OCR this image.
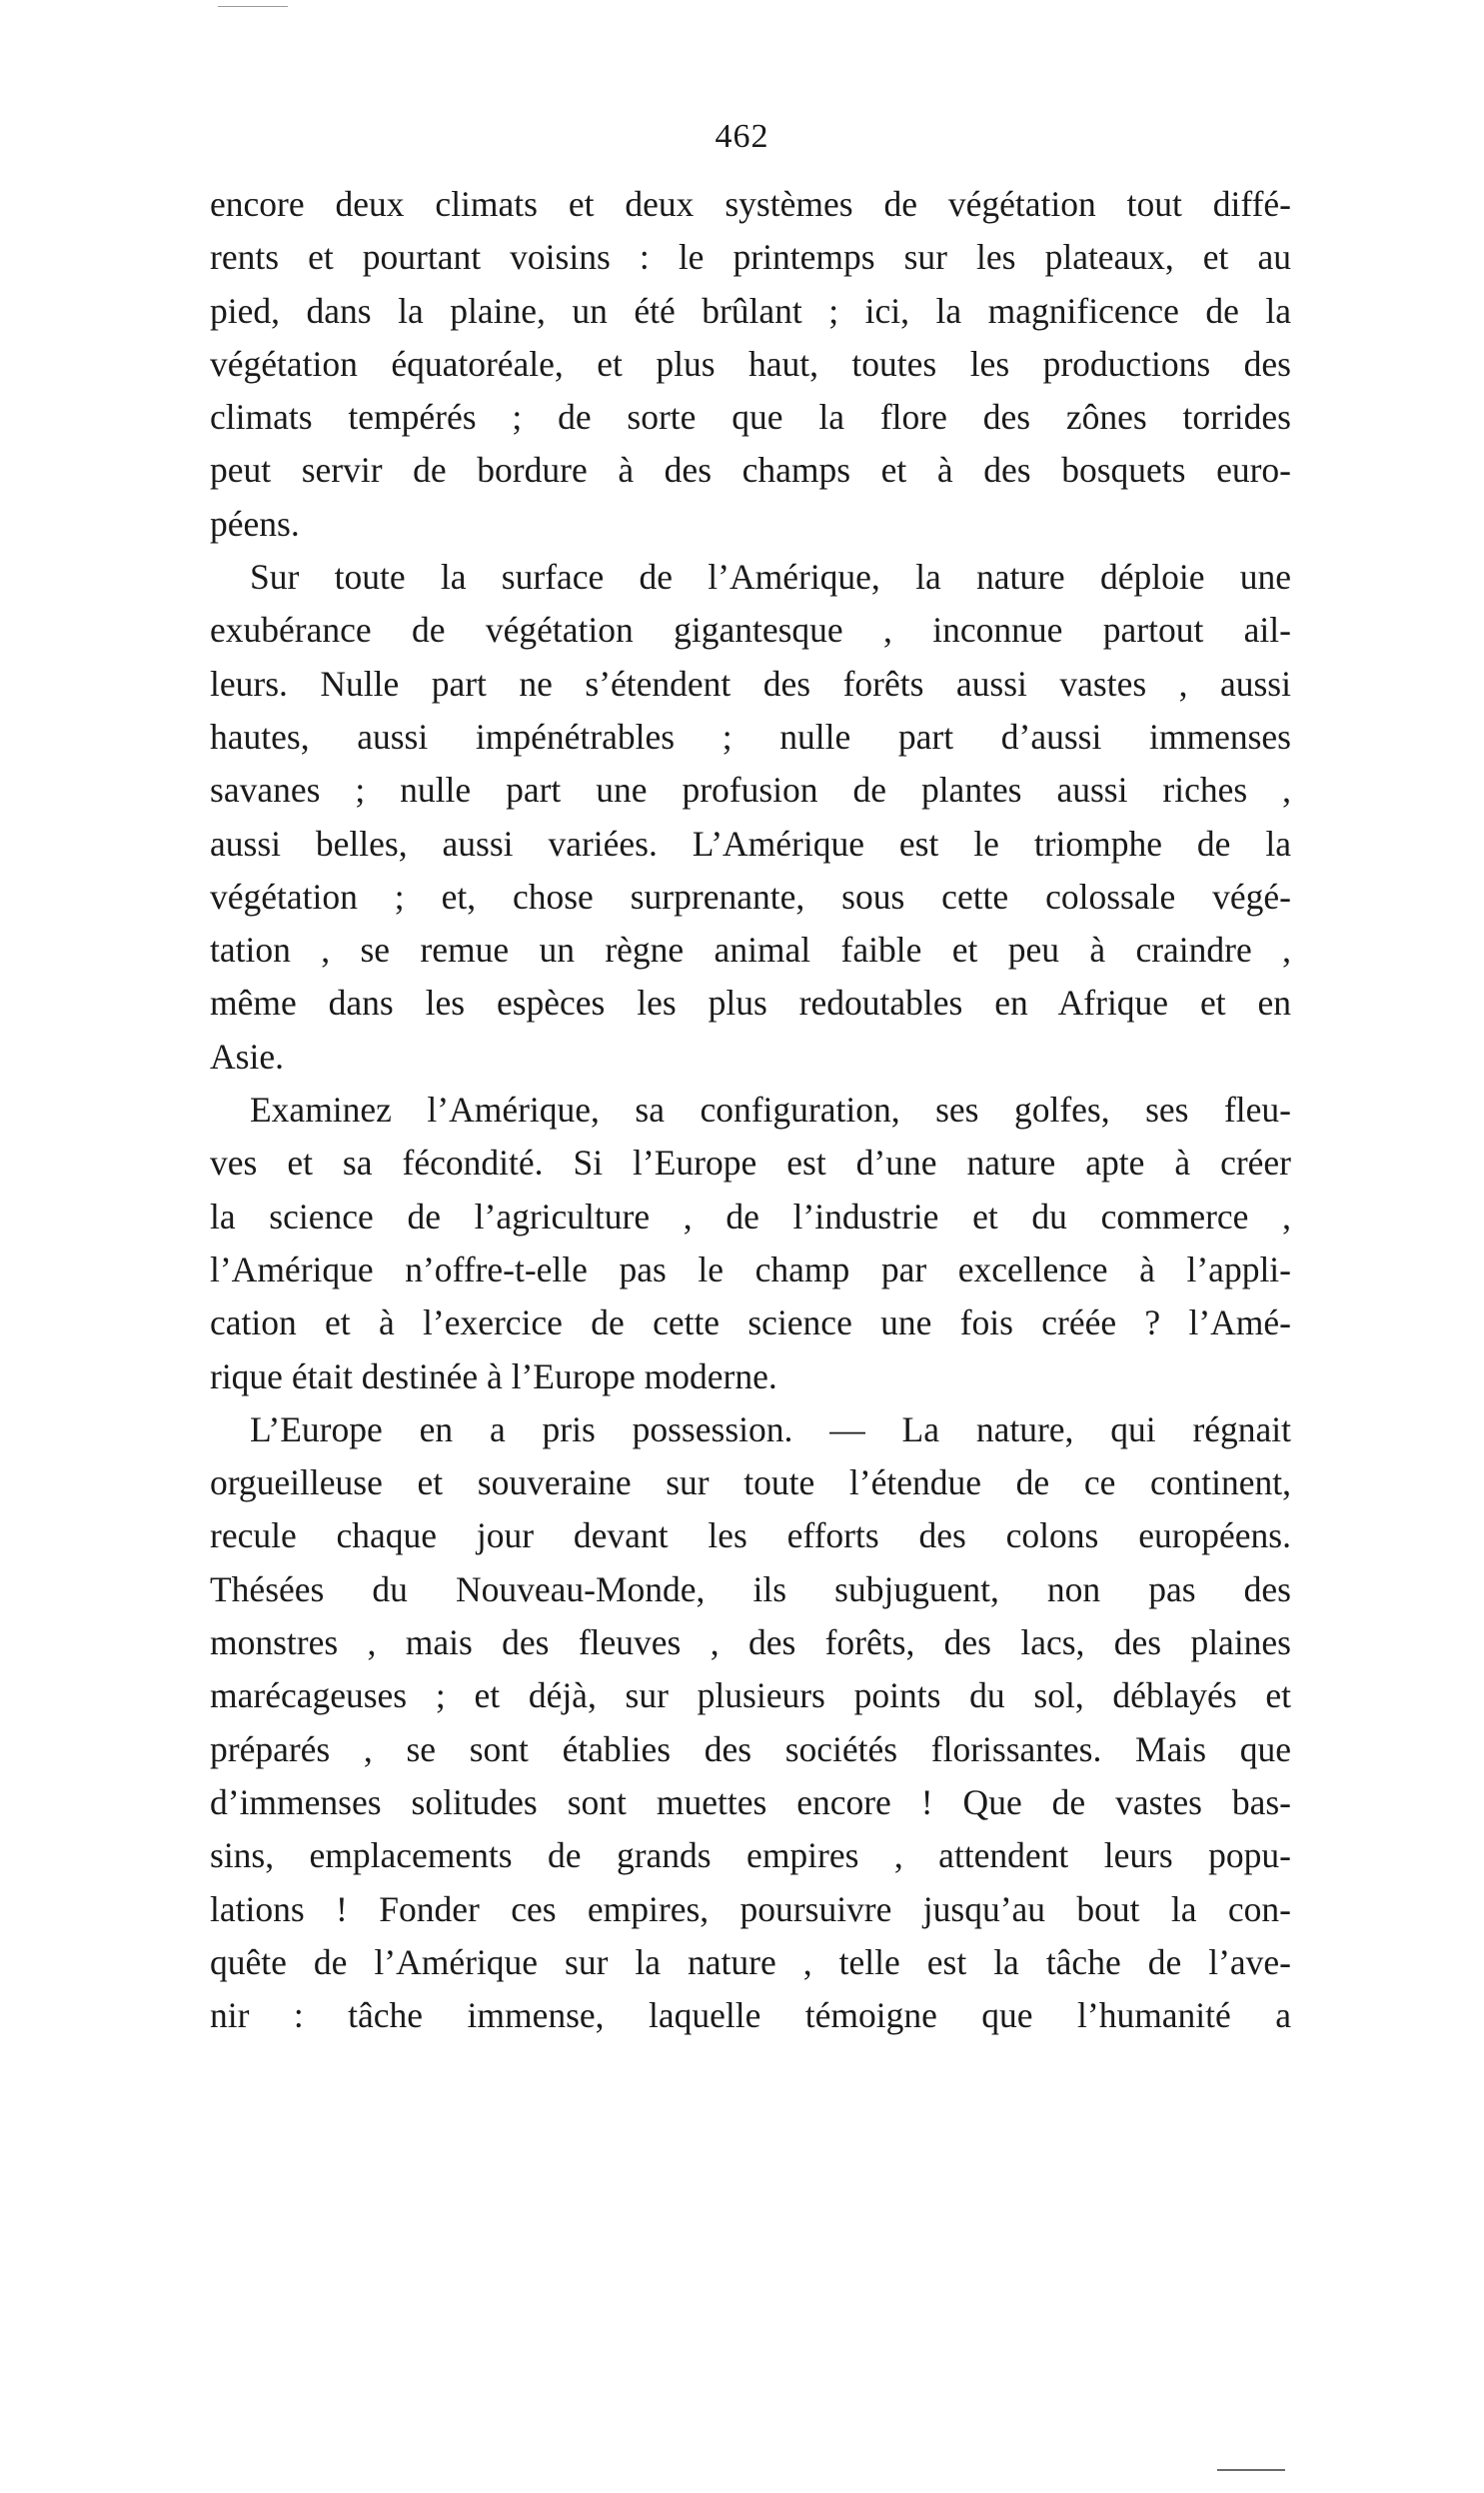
462
encore deux climats et deux systèmes de végétation tout diffé-
rents et pourtant voisins : le printemps sur les plateaux, et au
pied, dans la plaine, un été brûlant ; ici, la magnificence de la
végétation équatoréale, et plus haut, toutes les productions des
climats tempérés ; de sorte que la flore des zônes torrides
peut servir de bordure à des champs et à des bosquets euro-
péens.
Sur toute la surface de l’Amérique, la nature déploie une
exubérance de végétation gigantesque , inconnue partout ail-
leurs. Nulle part ne s’étendent des forêts aussi vastes , aussi
hautes, aussi impénétrables ; nulle part d’aussi immenses
savanes ; nulle part une profusion de plantes aussi riches ,
aussi belles, aussi variées. L’Amérique est le triomphe de la
végétation ; et, chose surprenante, sous cette colossale végé-
tation , se remue un règne animal faible et peu à craindre ,
même dans les espèces les plus redoutables en Afrique et en
Asie.
Examinez l’Amérique, sa configuration, ses golfes, ses fleu-
ves et sa fécondité. Si l’Europe est d’une nature apte à créer
la science de l’agriculture , de l’industrie et du commerce ,
l’Amérique n’offre-t-elle pas le champ par excellence à l’appli-
cation et à l’exercice de cette science une fois créée ? l’Amé-
rique était destinée à l’Europe moderne.
L’Europe en a pris possession. — La nature, qui régnait
orgueilleuse et souveraine sur toute l’étendue de ce continent,
recule chaque jour devant les efforts des colons européens.
Thésées du Nouveau-Monde, ils subjuguent, non pas des
monstres , mais des fleuves , des forêts, des lacs, des plaines
marécageuses ; et déjà, sur plusieurs points du sol, déblayés et
préparés , se sont établies des sociétés florissantes. Mais que
d’immenses solitudes sont muettes encore ! Que de vastes bas-
sins, emplacements de grands empires , attendent leurs popu-
lations ! Fonder ces empires, poursuivre jusqu’au bout la con-
quête de l’Amérique sur la nature , telle est la tâche de l’ave-
nir : tâche immense, laquelle témoigne que l’humanité a
